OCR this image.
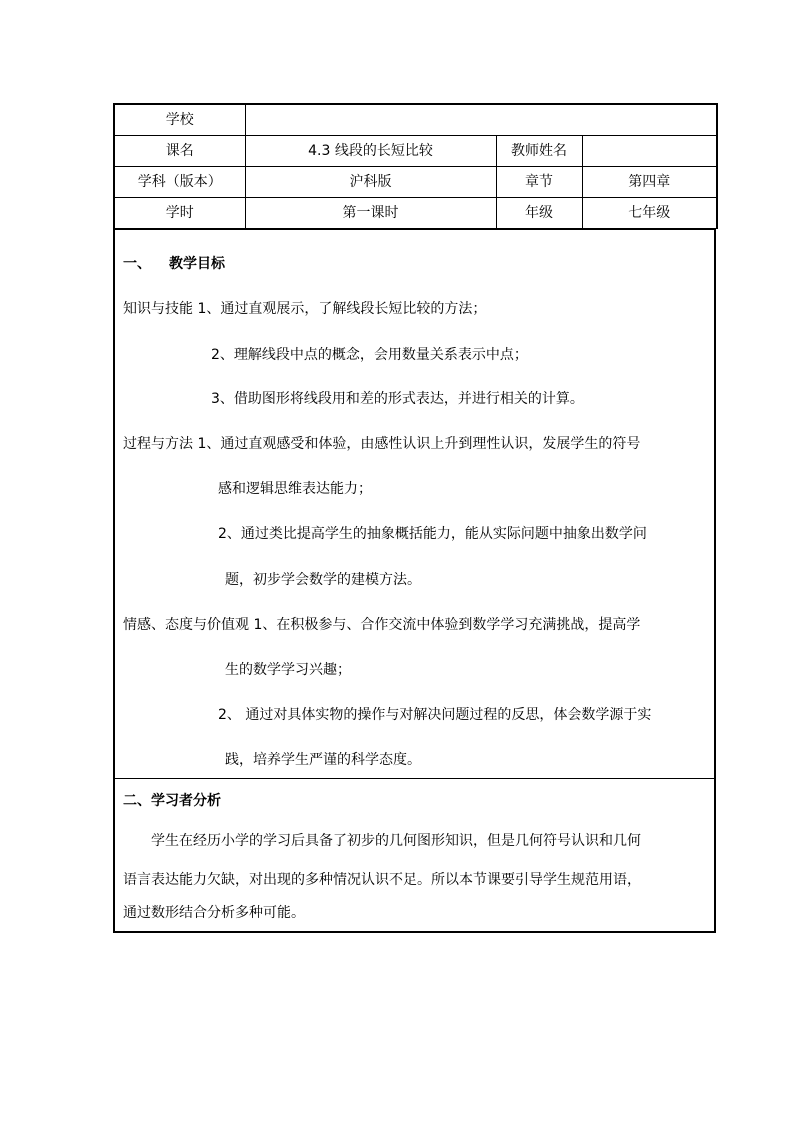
学校			
课名	4.3 线段的长短比较	教师姓名	
学科（版本）	沪科版	章节	第四章
学时	第一课时	年级	七年级
一、 教学目标
知识与技能 1、通过直观展示，了解线段长短比较的方法；
2、理解线段中点的概念，会用数量关系表示中点；
3、借助图形将线段用和差的形式表达，并进行相关的计算。
过程与方法 1、通过直观感受和体验，由感性认识上升到理性认识，发展学生的符号
感和逻辑思维表达能力；
2、通过类比提高学生的抽象概括能力，能从实际问题中抽象出数学问
题，初步学会数学的建模方法。
情感、态度与价值观 1、在积极参与、合作交流中体验到数学学习充满挑战，提高学
生的数学学习兴趣；
2、 通过对具体实物的操作与对解决问题过程的反思，体会数学源于实
践，培养学生严谨的科学态度。
二、学习者分析
学生在经历小学的学习后具备了初步的几何图形知识，但是几何符号认识和几何
语言表达能力欠缺，对出现的多种情况认识不足。所以本节课要引导学生规范用语，
通过数形结合分析多种可能。
